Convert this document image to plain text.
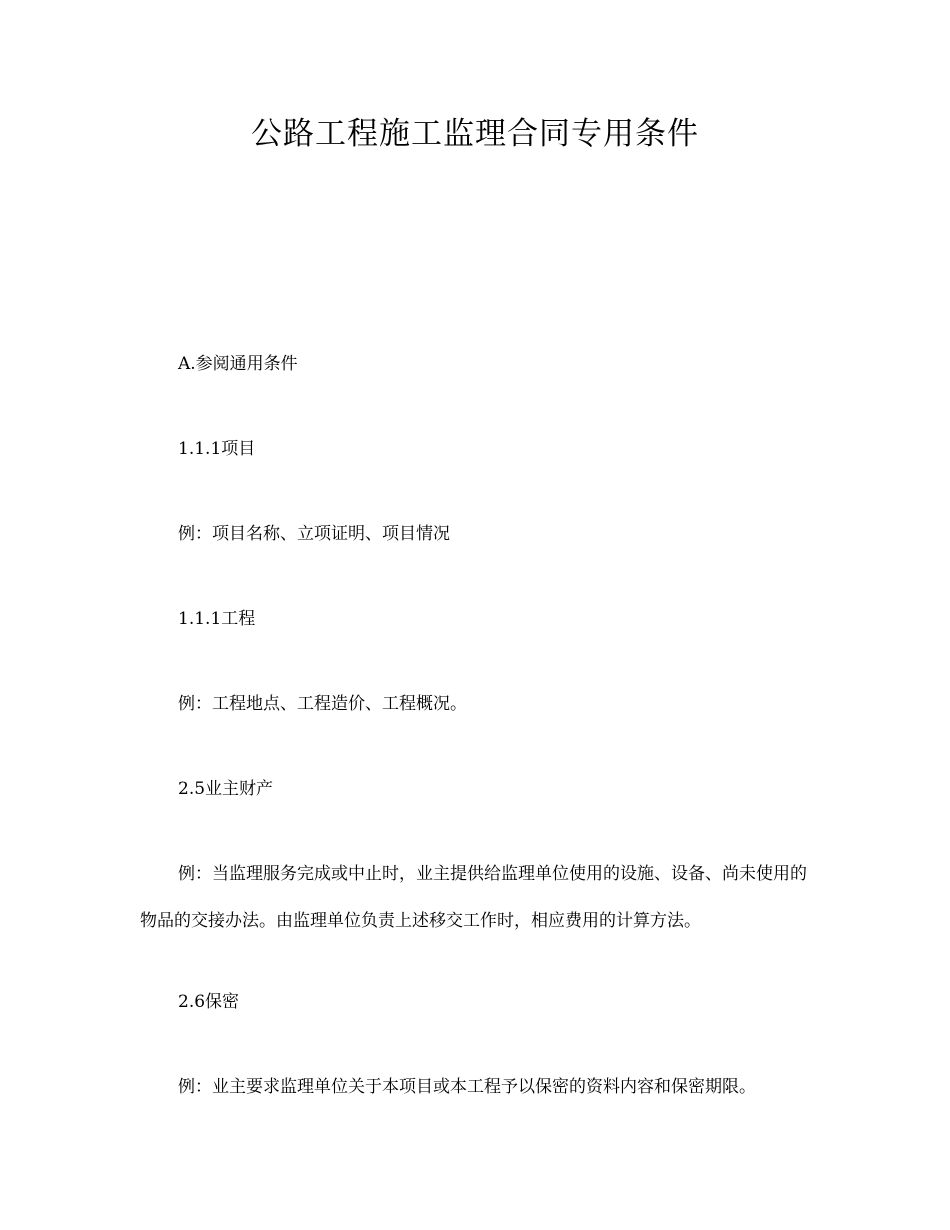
公路工程施工监理合同专用条件

A.参阅通用条件

1.1.1项目

例：项目名称、立项证明、项目情况

1.1.1工程

例：工程地点、工程造价、工程概况。

2.5业主财产

例：当监理服务完成或中止时，业主提供给监理单位使用的设施、设备、尚未使用的物品的交接办法。由监理单位负责上述移交工作时，相应费用的计算方法。

2.6保密

例：业主要求监理单位关于本项目或本工程予以保密的资料内容和保密期限。
